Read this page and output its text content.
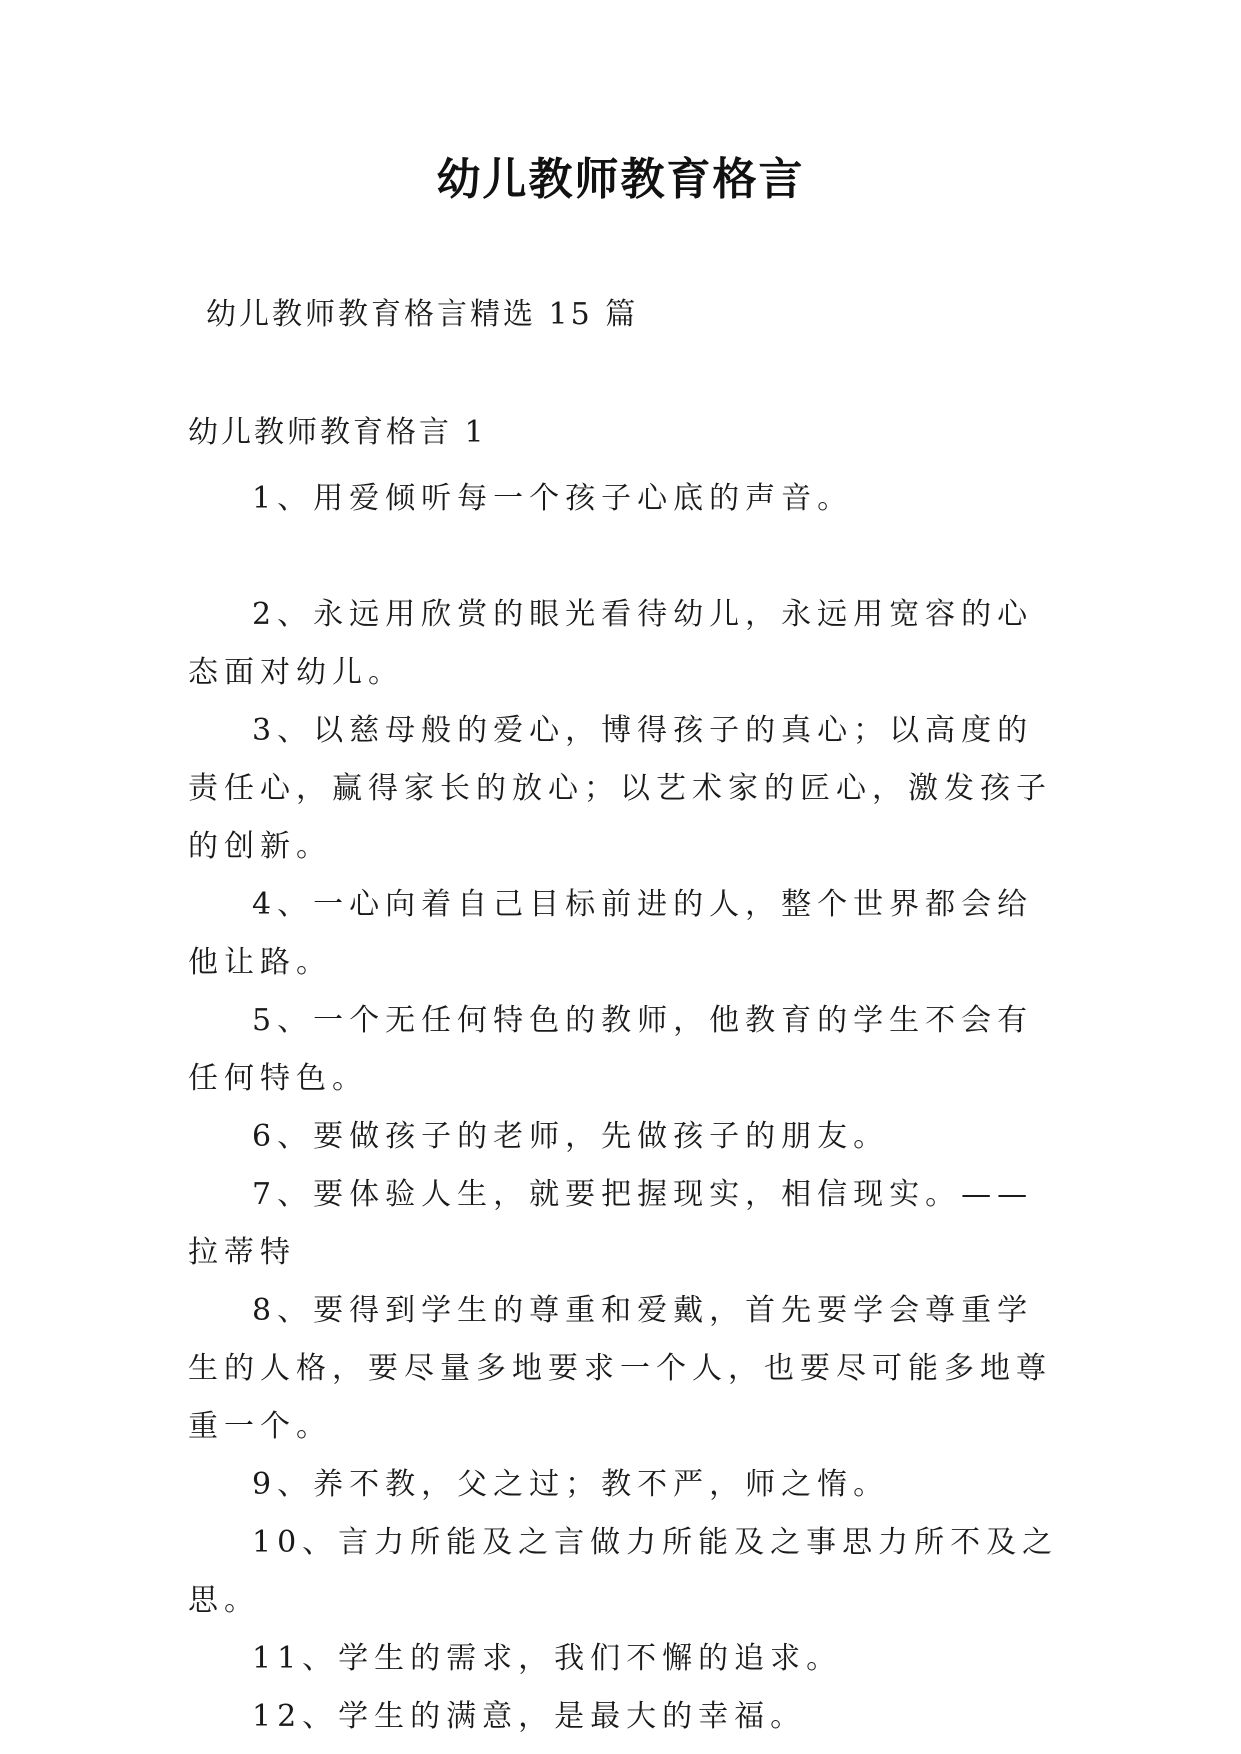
幼儿教师教育格言

幼儿教师教育格言精选 15 篇

幼儿教师教育格言 1

1、用爱倾听每一个孩子心底的声音。
2、永远用欣赏的眼光看待幼儿，永远用宽容的心态面对幼儿。
3、以慈母般的爱心，博得孩子的真心；以高度的责任心，赢得家长的放心；以艺术家的匠心，激发孩子的创新。
4、一心向着自己目标前进的人，整个世界都会给他让路。
5、一个无任何特色的教师，他教育的学生不会有任何特色。
6、要做孩子的老师，先做孩子的朋友。
7、要体验人生，就要把握现实，相信现实。——拉蒂特
8、要得到学生的尊重和爱戴，首先要学会尊重学生的人格，要尽量多地要求一个人，也要尽可能多地尊重一个。
9、养不教，父之过；教不严，师之惰。
10、言力所能及之言做力所能及之事思力所不及之思。
11、学生的需求，我们不懈的追求。
12、学生的满意，是最大的幸福。
